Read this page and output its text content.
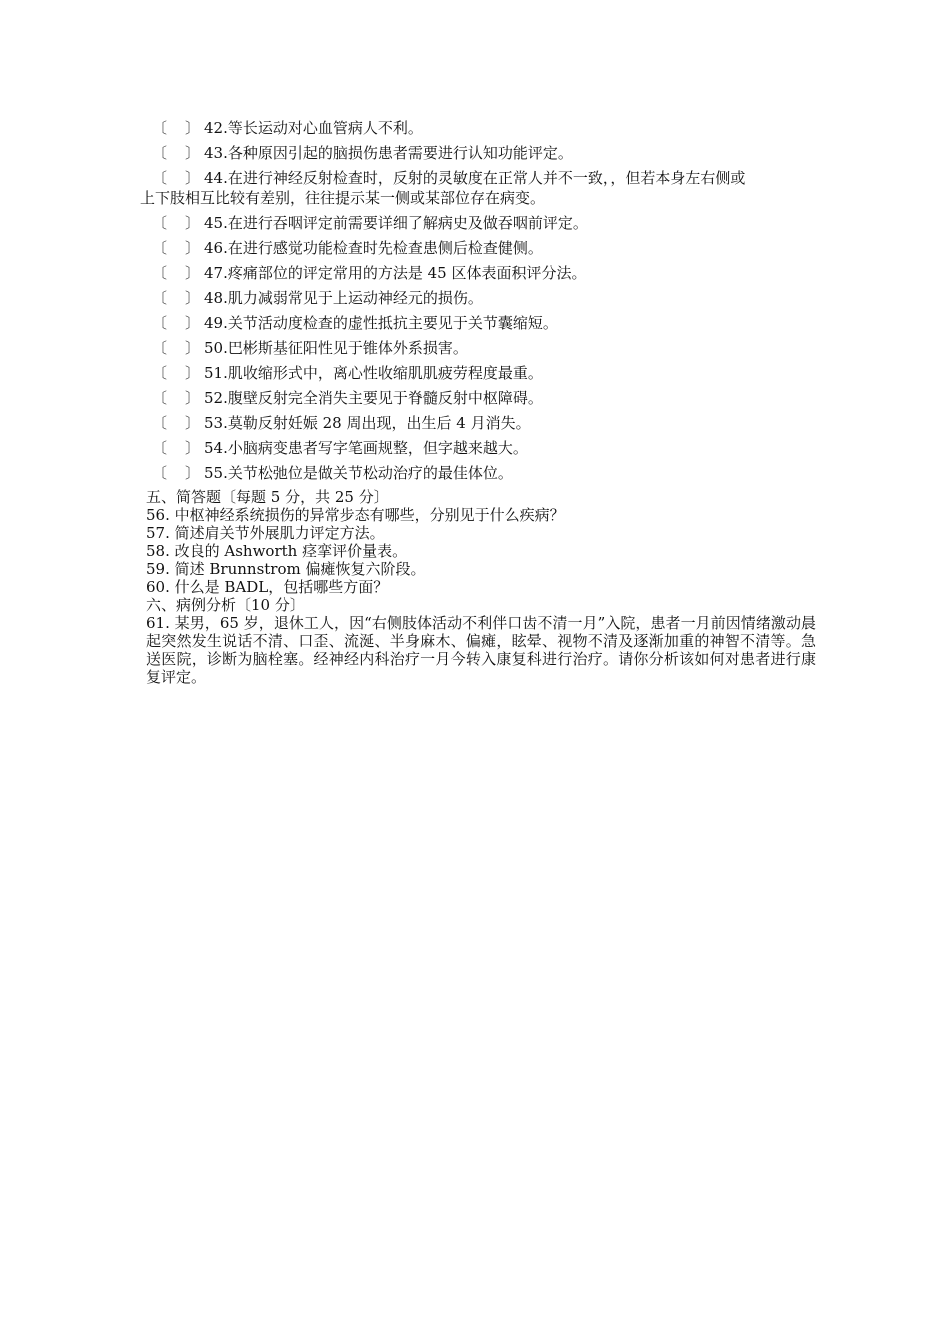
〔 〕 42.等长运动对心血管病人不利。
〔 〕 43.各种原因引起的脑损伤患者需要进行认知功能评定。
〔 〕 44.在进行神经反射检查时，反射的灵敏度在正常人并不一致，，但若本身左右侧或
上下肢相互比较有差别，往往提示某一侧或某部位存在病变。
〔 〕 45.在进行吞咽评定前需要详细了解病史及做吞咽前评定。
〔 〕 46.在进行感觉功能检查时先检查患侧后检查健侧。
〔 〕 47.疼痛部位的评定常用的方法是 45 区体表面积评分法。
〔 〕 48.肌力减弱常见于上运动神经元的损伤。
〔 〕 49.关节活动度检查的虚性抵抗主要见于关节囊缩短。
〔 〕 50.巴彬斯基征阳性见于锥体外系损害。
〔 〕 51.肌收缩形式中，离心性收缩肌肌疲劳程度最重。
〔 〕 52.腹壁反射完全消失主要见于脊髓反射中枢障碍。
〔 〕 53.莫勒反射妊娠 28 周出现，出生后 4 月消失。
〔 〕 54.小脑病变患者写字笔画规整，但字越来越大。
〔 〕 55.关节松弛位是做关节松动治疗的最佳体位。
五、简答题〔每题 5 分，共 25 分〕
56. 中枢神经系统损伤的异常步态有哪些，分别见于什么疾病？
57. 简述肩关节外展肌力评定方法。
58. 改良的 Ashworth 痉挛评价量表。
59. 简述 Brunnstrom 偏瘫恢复六阶段。
60. 什么是 BADL，包括哪些方面？
六、病例分析〔10 分〕
61. 某男，65 岁，退休工人，因“右侧肢体活动不利伴口齿不清一月”入院，患者一月前因情绪激动晨起突然发生说话不清、口歪、流涎、半身麻木、偏瘫，眩晕、视物不清及逐渐加重的神智不清等。急送医院，诊断为脑栓塞。经神经内科治疗一月今转入康复科进行治疗。请你分析该如何对患者进行康复评定。
